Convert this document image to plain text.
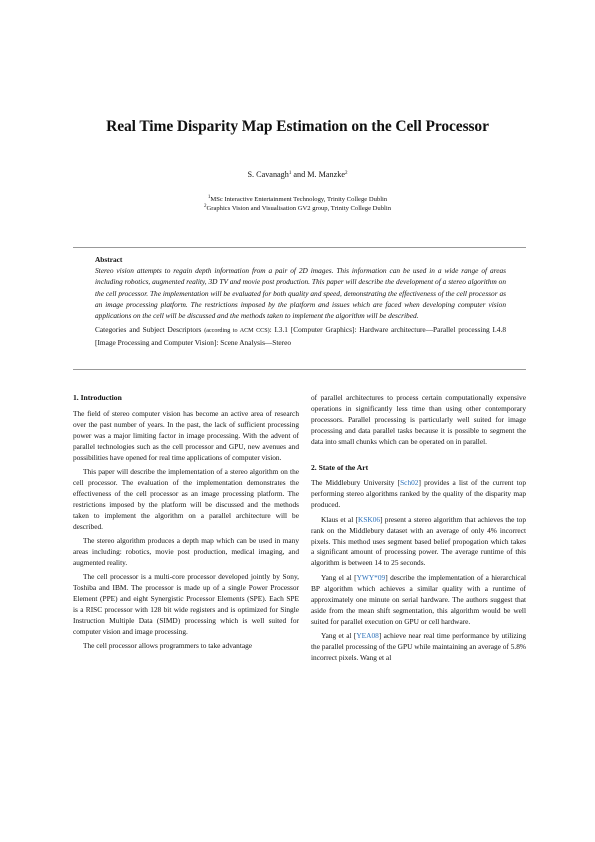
Real Time Disparity Map Estimation on the Cell Processor
S. Cavanagh$^1$ and M. Manzke$^2$
$^1$MSc Interactive Entertainment Technology, Trinity College Dublin
$^2$Graphics Vision and Visualisation GV2 group, Trinity College Dublin
Abstract
Stereo vision attempts to regain depth information from a pair of 2D images. This information can be used in a wide range of areas including robotics, augmented reality, 3D TV and movie post production. This paper will describe the development of a stereo algorithm on the cell processor. The implementation will be evaluated for both quality and speed, demonstrating the effectiveness of the cell processor as an image processing platform. The restrictions imposed by the platform and issues which are faced when developing computer vision applications on the cell will be discussed and the methods taken to implement the algorithm will be described.
Categories and Subject Descriptors (according to ACM CCS): I.3.1 [Computer Graphics]: Hardware architecture—Parallel processing I.4.8 [Image Processing and Computer Vision]: Scene Analysis—Stereo
1. Introduction

The field of stereo computer vision has become an active area of research over the past number of years. In the past, the lack of sufficient processing power was a major limiting factor in image processing. With the advent of parallel technologies such as the cell processor and GPU, new avenues and possibilities have opened for real time applications of computer vision.

This paper will describe the implementation of a stereo algorithm on the cell processor. The evaluation of the implementation demonstrates the effectiveness of the cell processor as an image processing platform. The restrictions imposed by the platform will be discussed and the methods taken to implement the algorithm on a parallel architecture will be described.

The stereo algorithm produces a depth map which can be used in many areas including: robotics, movie post production, medical imaging, and augmented reality.

The cell processor is a multi-core processor developed jointly by Sony, Toshiba and IBM. The processor is made up of a single Power Processor Element (PPE) and eight Synergistic Processor Elements (SPE). Each SPE is a RISC processor with 128 bit wide registers and is optimized for Single Instruction Multiple Data (SIMD) processing which is well suited for computer vision and image processing.

The cell processor allows programmers to take advantage

of parallel architectures to process certain computationally expensive operations in significantly less time than using other contemporary processors. Parallel processing is particularly well suited for image processing and data parallel tasks because it is possible to segment the data into small chunks which can be operated on in parallel.

2. State of the Art

The Middlebury University [Sch02] provides a list of the current top performing stereo algorithms ranked by the quality of the disparity map produced.

Klaus et al [KSK06] present a stereo algorithm that achieves the top rank on the Middlebury dataset with an average of only 4% incorrect pixels. This method uses segment based belief propogation which takes a significant amount of processing power. The average runtime of this algorithm is between 14 to 25 seconds.

Yang el al [YWY*09] describe the implementation of a hierarchical BP algorithm which achieves a similar quality with a runtime of approximately one minute on serial hardware. The authors suggest that aside from the mean shift segmentation, this algorithm would be well suited for parallel execution on GPU or cell hardware.

Yang et al [YEA08] achieve near real time performance by utilizing the parallel processing of the GPU while maintaining an average of 5.8% incorrect pixels. Wang et al
